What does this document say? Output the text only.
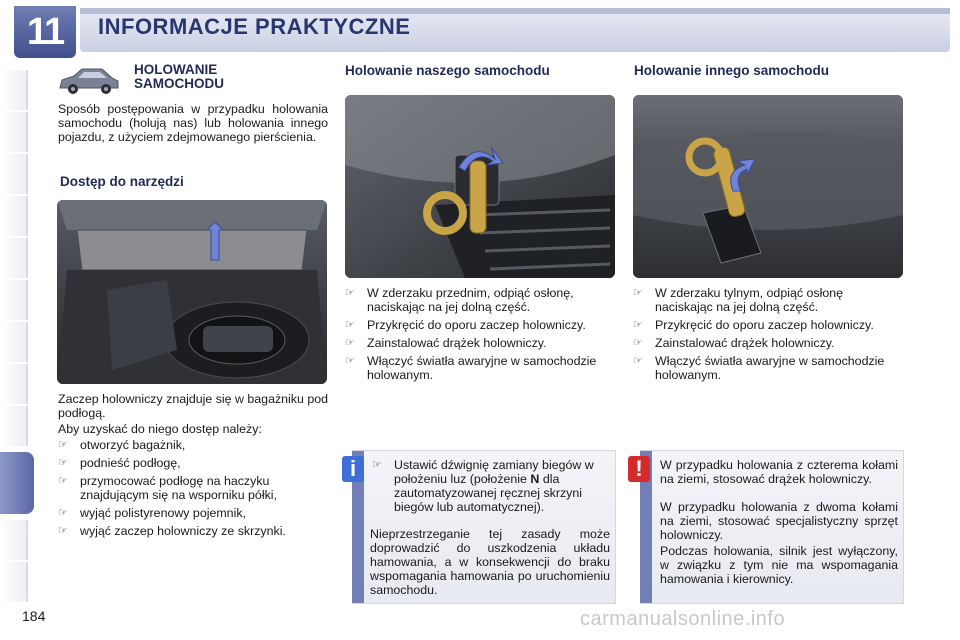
11	INFORMACJE PRAKTYCZNE
HOLOWANIE
SAMOCHODU
Sposób postępowania w przypadku holowania samochodu (holują nas) lub holowania innego pojazdu, z użyciem zdejmowanego pierścienia.
Dostęp do narzędzi
Zaczep holowniczy znajduje się w bagażniku pod podłogą.
Aby uzyskać do niego dostęp należy:
☞ otworzyć bagażnik,
☞ podnieść podłogę,
☞ przymocować podłogę na haczyku znajdującym się na wsporniku półki,
☞ wyjąć polistyrenowy pojemnik,
☞ wyjąć zaczep holowniczy ze skrzynki.
Holowanie naszego samochodu
☞ W zderzaku przednim, odpiąć osłonę, naciskając na jej dolną część.
☞ Przykręcić do oporu zaczep holowniczy.
☞ Zainstalować drążek holowniczy.
☞ Włączyć światła awaryjne w samochodzie holowanym.
Holowanie innego samochodu
☞ W zderzaku tylnym, odpiąć osłonę naciskając na jej dolną część.
☞ Przykręcić do oporu zaczep holowniczy.
☞ Zainstalować drążek holowniczy.
☞ Włączyć światła awaryjne w samochodzie holowanym.
i	☞ Ustawić dźwignię zamiany biegów w położeniu luz (położenie N dla zautomatyzowanej ręcznej skrzyni biegów lub automatycznej).
Nieprzestrzeganie tej zasady może doprowadzić do uszkodzenia układu hamowania, a w konsekwencji do braku wspomagania hamowania po uruchomieniu samochodu.
!	W przypadku holowania z czterema kołami na ziemi, stosować drążek holowniczy.
W przypadku holowania z dwoma kołami na ziemi, stosować specjalistyczny sprzęt holowniczy.
Podczas holowania, silnik jest wyłączony, w związku z tym nie ma wspomagania hamowania i kierownicy.
184	carmanualsonline.info
